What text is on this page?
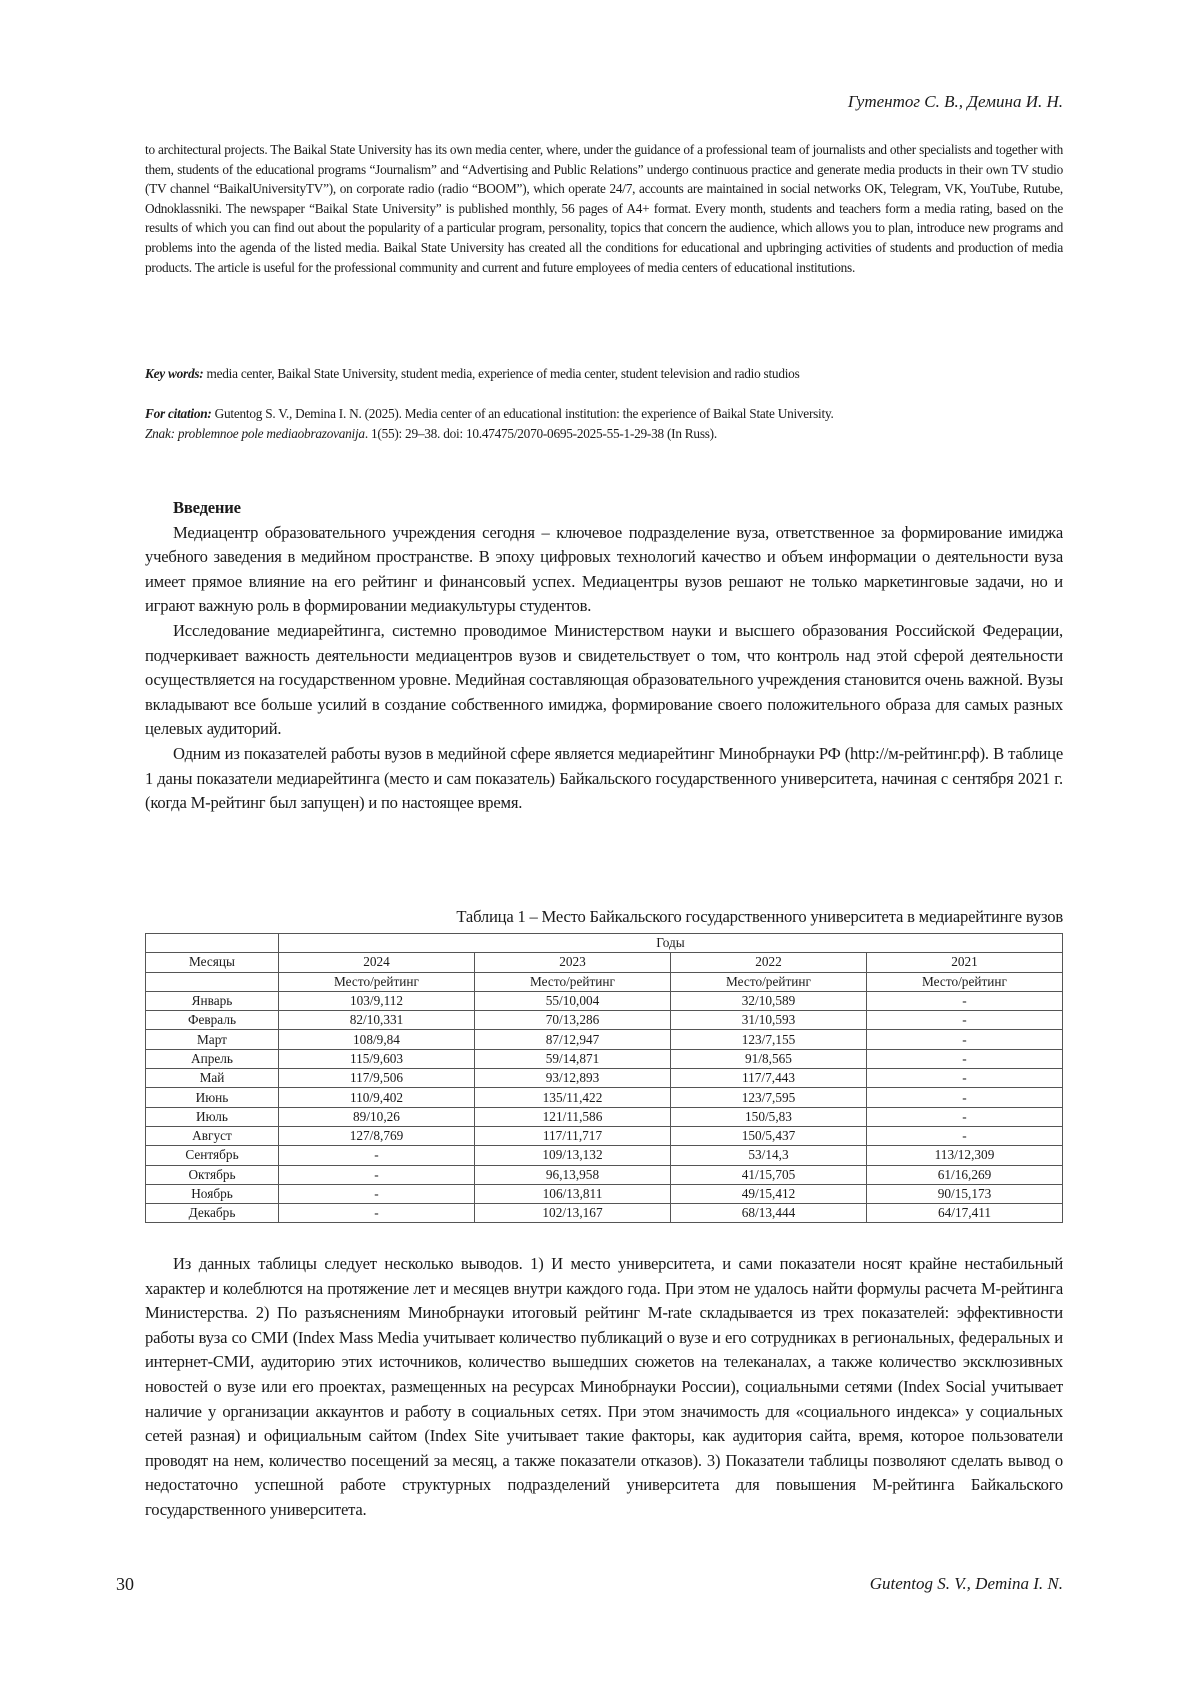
Гутентог С. В., Демина И. Н.

to architectural projects. The Baikal State University has its own media center, where, under the guidance of a professional team of journalists and other specialists and together with them, students of the educational programs “Journalism” and “Advertising and Public Relations” undergo continuous practice and generate media products in their own TV studio (TV channel “BaikalUniversityTV”), on corporate radio (radio “BOOM”), which operate 24/7, accounts are maintained in social networks OK, Telegram, VK, YouTube, Rutube, Odnoklassniki. The newspaper “Baikal State University” is published monthly, 56 pages of A4+ format. Every month, students and teachers form a media rating, based on the results of which you can find out about the popularity of a particular program, personality, topics that concern the audience, which allows you to plan, introduce new programs and problems into the agenda of the listed media. Baikal State University has created all the conditions for educational and upbringing activities of students and production of media products. The article is useful for the professional community and current and future employees of media centers of educational institutions.

Key words: media center, Baikal State University, student media, experience of media center, student television and radio studios
For citation: Gutentog S. V., Demina I. N. (2025). Media center of an educational institution: the experience of Baikal State University.
Znak: problemnoe pole mediaobrazovanija. 1(55): 29–38. doi: 10.47475/2070-0695-2025-55-1-29-38 (In Russ).
Введение

Медиацентр образовательного учреждения сегодня – ключевое подразделение вуза, ответственное за формирование имиджа учебного заведения в медийном пространстве. В эпоху цифровых технологий качество и объем информации о деятельности вуза имеет прямое влияние на его рейтинг и финансовый успех. Медиацентры вузов решают не только маркетинговые задачи, но и играют важную роль в формировании медиакультуры студентов.

Исследование медиарейтинга, системно проводимое Министерством науки и высшего образования Российской Федерации, подчеркивает важность деятельности медиацентров вузов и свидетельствует о том, что контроль над этой сферой деятельности осуществляется на государственном уровне. Медийная составляющая образовательного учреждения становится очень важной. Вузы вкладывают все больше усилий в создание собственного имиджа, формирование своего положительного образа для самых разных целевых аудиторий.

Одним из показателей работы вузов в медийной сфере является медиарейтинг Минобрнауки РФ (http://м-рейтинг.рф). В таблице 1 даны показатели медиарейтинга (место и сам показатель) Байкальского государственного университета, начиная с сентября 2021 г. (когда М-рейтинг был запущен) и по настоящее время.

Таблица 1 – Место Байкальского государственного университета в медиарейтинге вузов
	Годы			
Месяцы	2024	2023	2022	2021
	Место/рейтинг	Место/рейтинг	Место/рейтинг	Место/рейтинг
Январь	103/9,112	55/10,004	32/10,589	-
Февраль	82/10,331	70/13,286	31/10,593	-
Март	108/9,84	87/12,947	123/7,155	-
Апрель	115/9,603	59/14,871	91/8,565	-
Май	117/9,506	93/12,893	117/7,443	-
Июнь	110/9,402	135/11,422	123/7,595	-
Июль	89/10,26	121/11,586	150/5,83	-
Август	127/8,769	117/11,717	150/5,437	-
Сентябрь	-	109/13,132	53/14,3	113/12,309
Октябрь	-	96,13,958	41/15,705	61/16,269
Ноябрь	-	106/13,811	49/15,412	90/15,173
Декабрь	-	102/13,167	68/13,444	64/17,411

Из данных таблицы следует несколько выводов. 1) И место университета, и сами показатели носят крайне нестабильный характер и колеблются на протяжение лет и месяцев внутри каждого года. При этом не удалось найти формулы расчета М-рейтинга Министерства. 2) По разъяснениям Минобрнауки итоговый рейтинг M-rate складывается из трех показателей: эффективности работы вуза со СМИ (Index Mass Media учитывает количество публикаций о вузе и его сотрудниках в региональных, федеральных и интернет-СМИ, аудиторию этих источников, количество вышедших сюжетов на телеканалах, а также количество эксклюзивных новостей о вузе или его проектах, размещенных на ресурсах Минобрнауки России), социальными сетями (Index Social учитывает наличие у организации аккаунтов и работу в социальных сетях. При этом значимость для «социального индекса» у социальных сетей разная) и официальным сайтом (Index Site учитывает такие факторы, как аудитория сайта, время, которое пользователи проводят на нем, количество посещений за месяц, а также показатели отказов). 3) Показатели таблицы позволяют сделать вывод о недостаточно успешной работе структурных подразделений университета для повышения М-рейтинга Байкальского государственного университета.

30	Gutentog S. V., Demina I. N.
